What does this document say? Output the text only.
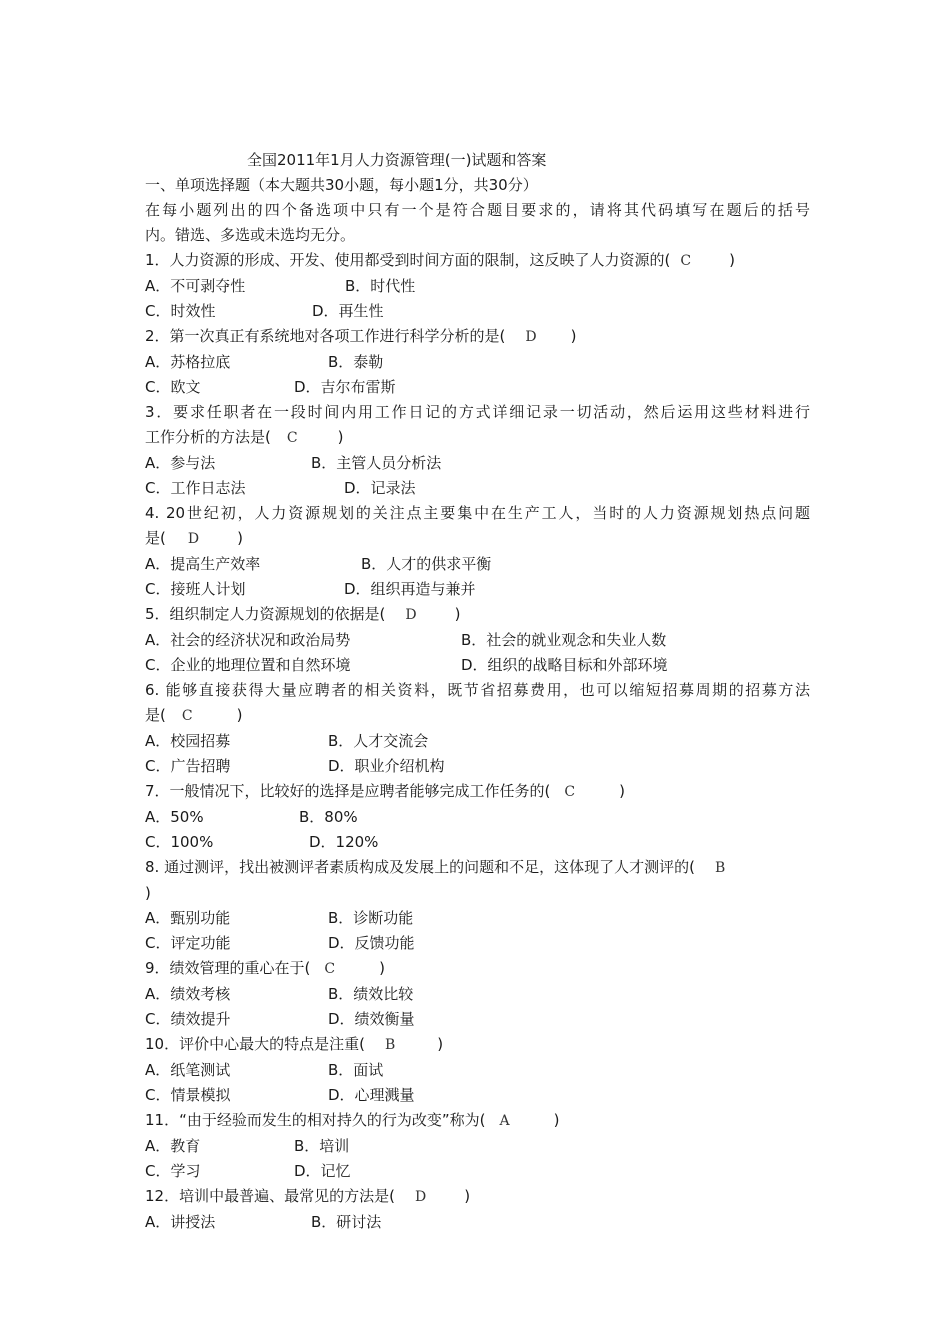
全国2011年1月人力资源管理(一)试题和答案
一、单项选择题（本大题共30小题，每小题1分，共30分）
在每小题列出的四个备选项中只有一个是符合题目要求的，请将其代码填写在题后的括号
内。错选、多选或未选均无分。
1．人力资源的形成、开发、使用都受到时间方面的限制，这反映了人力资源的( C	)
A．不可剥夺性	B．时代性
C．时效性	D．再生性
2．第一次真正有系统地对各项工作进行科学分析的是( D )
A．苏格拉底	B．泰勒
C．欧文	D．吉尔布雷斯
3．要求任职者在一段时间内用工作日记的方式详细记录一切活动，然后运用这些材料进行
工作分析的方法是( C	)
A．参与法	B．主管人员分析法
C．工作日志法	D．记录法
4. 20世纪初，人力资源规划的关注点主要集中在生产工人，当时的人力资源规划热点问题
是( D	)
A．提高生产效率	B．人才的供求平衡
C．接班人计划	D．组织再造与兼并
5．组织制定人力资源规划的依据是( D	)
A．社会的经济状况和政治局势	B．社会的就业观念和失业人数
C．企业的地理位置和自然环境	D．组织的战略目标和外部环境
6. 能够直接获得大量应聘者的相关资料，既节省招募费用，也可以缩短招募周期的招募方法
是( C	)
A．校园招募	B．人才交流会
C．广告招聘	D．职业介绍机构
7．一般情况下，比较好的选择是应聘者能够完成工作任务的( C	)
A．50%	B．80%
C．100%	D．120%
8. 通过测评，找出被测评者素质构成及发展上的问题和不足，这体现了人才测评的( B
)
A．甄别功能	B．诊断功能
C．评定功能	D．反馈功能
9．绩效管理的重心在于( C	)
A．绩效考核	B．绩效比较
C．绩效提升	D．绩效衡量
10．评价中心最大的特点是注重( B	)
A．纸笔测试	B．面试
C．情景模拟	D．心理溅量
11．“由于经验而发生的相对持久的行为改变”称为( A	)
A．教育	B．培训
C．学习	D．记忆
12．培训中最普遍、最常见的方法是( D	)
A．讲授法	B．研讨法
